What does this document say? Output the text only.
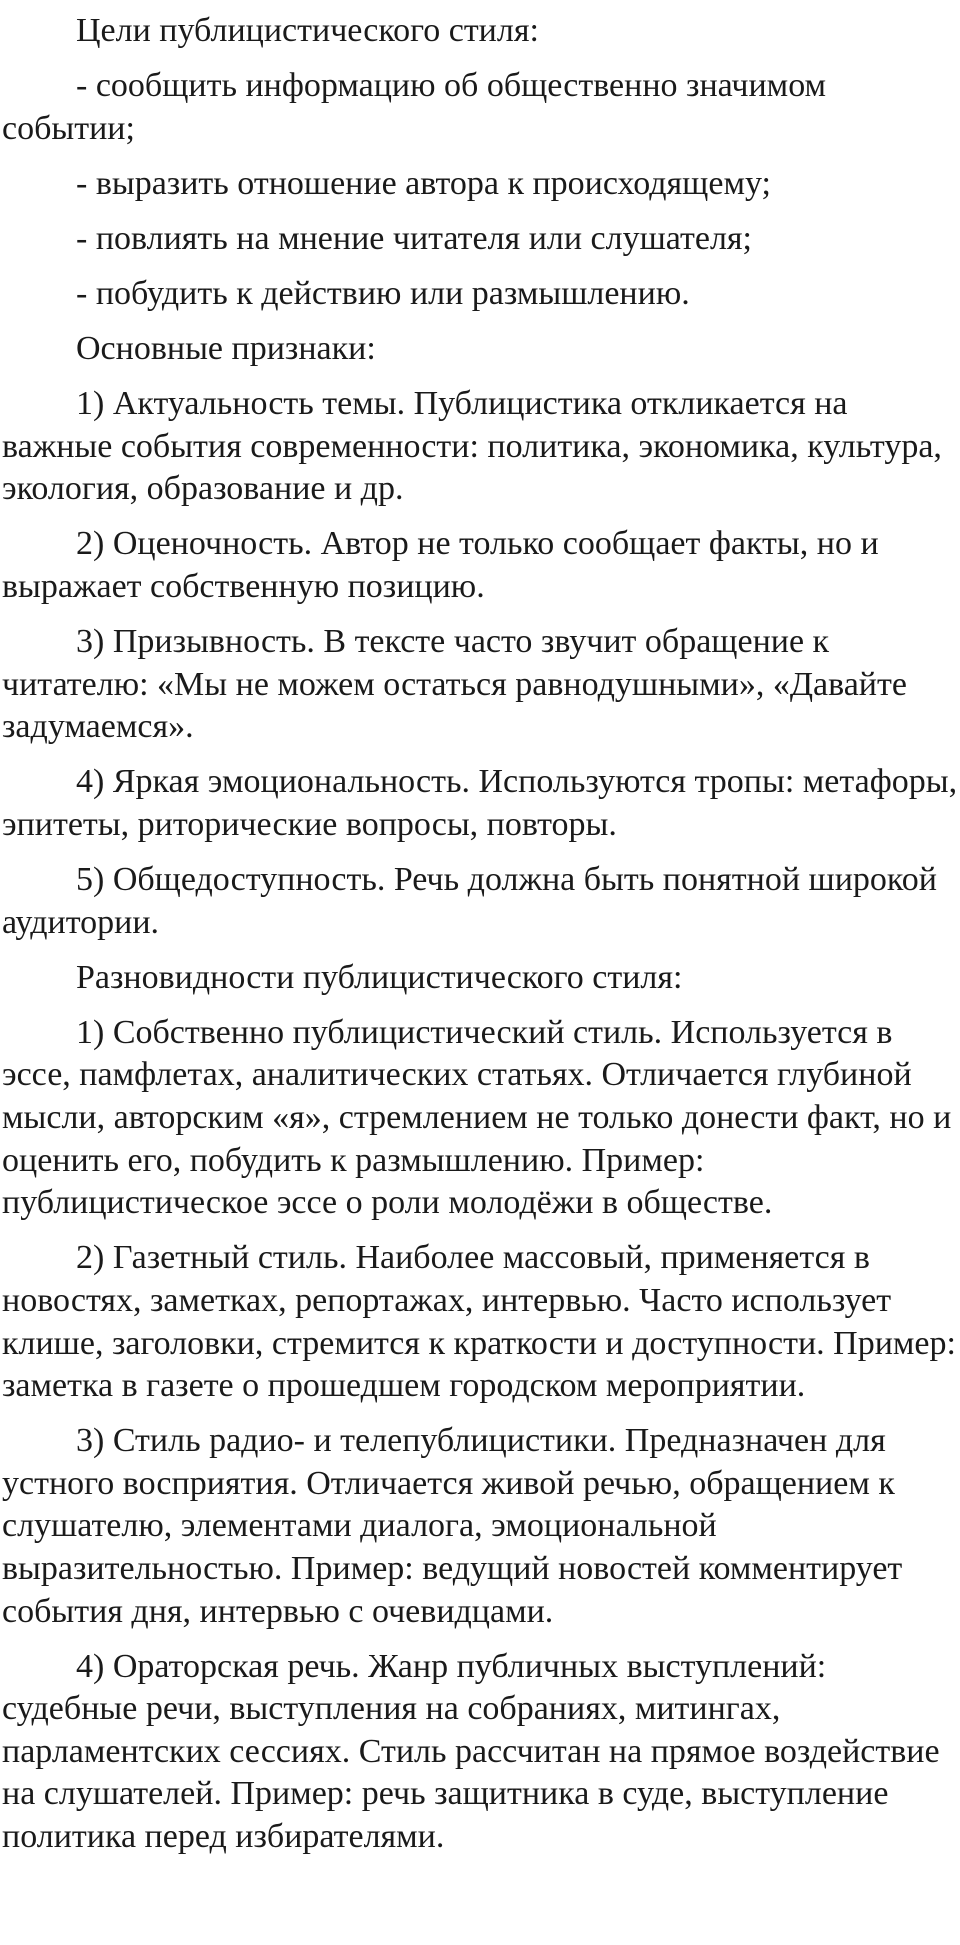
Цели публицистического стиля:

- сообщить информацию об общественно значимом событии;

- выразить отношение автора к происходящему;

- повлиять на мнение читателя или слушателя;

- побудить к действию или размышлению.

Основные признаки:

1) Актуальность темы. Публицистика откликается на важные события современности: политика, экономика, культура, экология, образование и др.

2) Оценочность. Автор не только сообщает факты, но и выражает собственную позицию.

3) Призывность. В тексте часто звучит обращение к читателю: «Мы не можем остаться равнодушными», «Давайте задумаемся».

4) Яркая эмоциональность. Используются тропы: метафоры, эпитеты, риторические вопросы, повторы.

5) Общедоступность. Речь должна быть понятной широкой аудитории.

Разновидности публицистического стиля:

1) Собственно публицистический стиль. Используется в эссе, памфлетах, аналитических статьях. Отличается глубиной мысли, авторским «я», стремлением не только донести факт, но и оценить его, побудить к размышлению. Пример: публицистическое эссе о роли молодёжи в обществе.

2) Газетный стиль. Наиболее массовый, применяется в новостях, заметках, репортажах, интервью. Часто использует клише, заголовки, стремится к краткости и доступности. Пример: заметка в газете о прошедшем городском мероприятии.

3) Стиль радио- и телепублицистики. Предназначен для устного восприятия. Отличается живой речью, обращением к слушателю, элементами диалога, эмоциональной выразительностью. Пример: ведущий новостей комментирует события дня, интервью с очевидцами.

4) Ораторская речь. Жанр публичных выступлений: судебные речи, выступления на собраниях, митингах, парламентских сессиях. Стиль рассчитан на прямое воздействие на слушателей. Пример: речь защитника в суде, выступление политика перед избирателями.
